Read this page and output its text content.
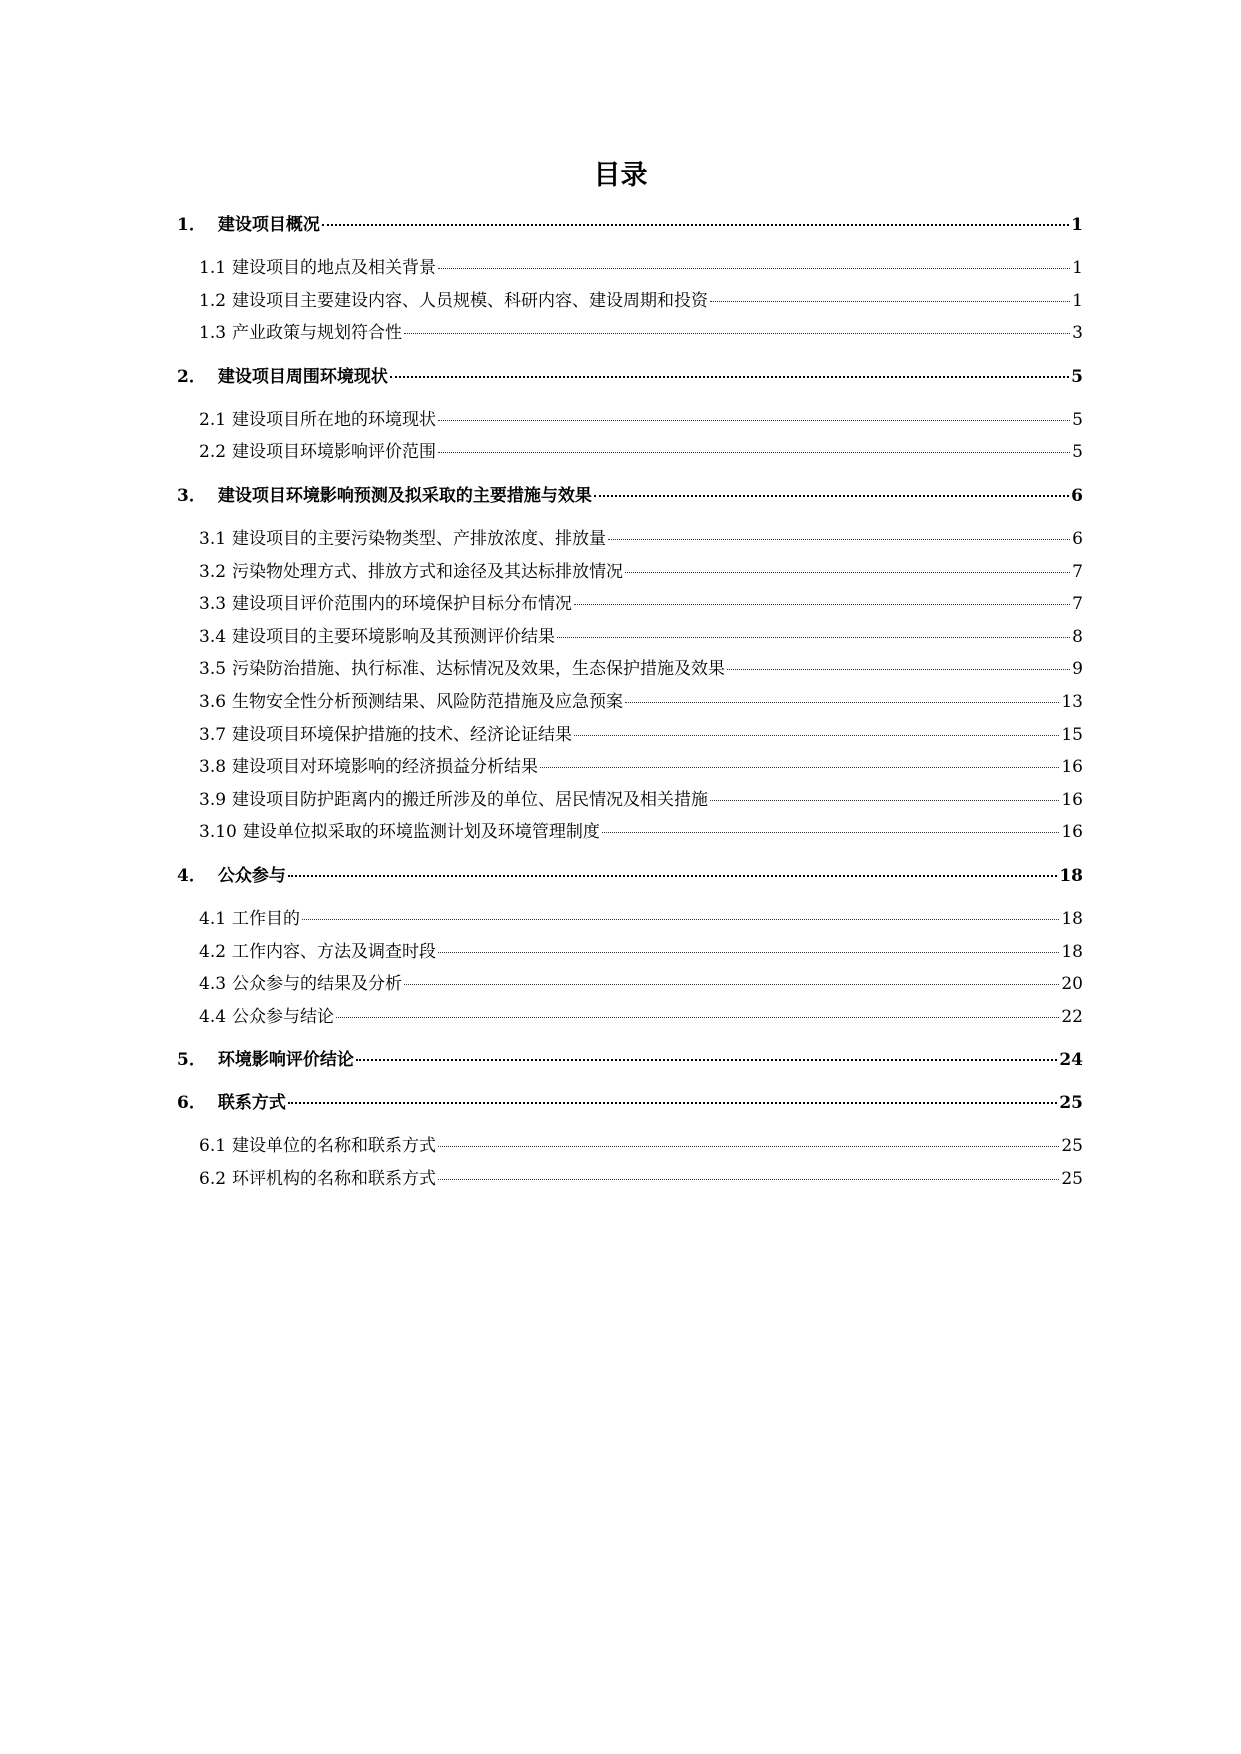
目录
1． 建设项目概况	1
1.1 建设项目的地点及相关背景	1
1.2 建设项目主要建设内容、人员规模、科研内容、建设周期和投资	1
1.3 产业政策与规划符合性	3
2． 建设项目周围环境现状	5
2.1 建设项目所在地的环境现状	5
2.2 建设项目环境影响评价范围	5
3． 建设项目环境影响预测及拟采取的主要措施与效果	6
3.1 建设项目的主要污染物类型、产排放浓度、排放量	6
3.2 污染物处理方式、排放方式和途径及其达标排放情况	7
3.3 建设项目评价范围内的环境保护目标分布情况	7
3.4 建设项目的主要环境影响及其预测评价结果	8
3.5 污染防治措施、执行标准、达标情况及效果，生态保护措施及效果	9
3.6 生物安全性分析预测结果、风险防范措施及应急预案	13
3.7 建设项目环境保护措施的技术、经济论证结果	15
3.8 建设项目对环境影响的经济损益分析结果	16
3.9 建设项目防护距离内的搬迁所涉及的单位、居民情况及相关措施	16
3.10 建设单位拟采取的环境监测计划及环境管理制度	16
4． 公众参与	18
4.1 工作目的	18
4.2 工作内容、方法及调查时段	18
4.3 公众参与的结果及分析	20
4.4 公众参与结论	22
5． 环境影响评价结论	24
6． 联系方式	25
6.1 建设单位的名称和联系方式	25
6.2 环评机构的名称和联系方式	25
